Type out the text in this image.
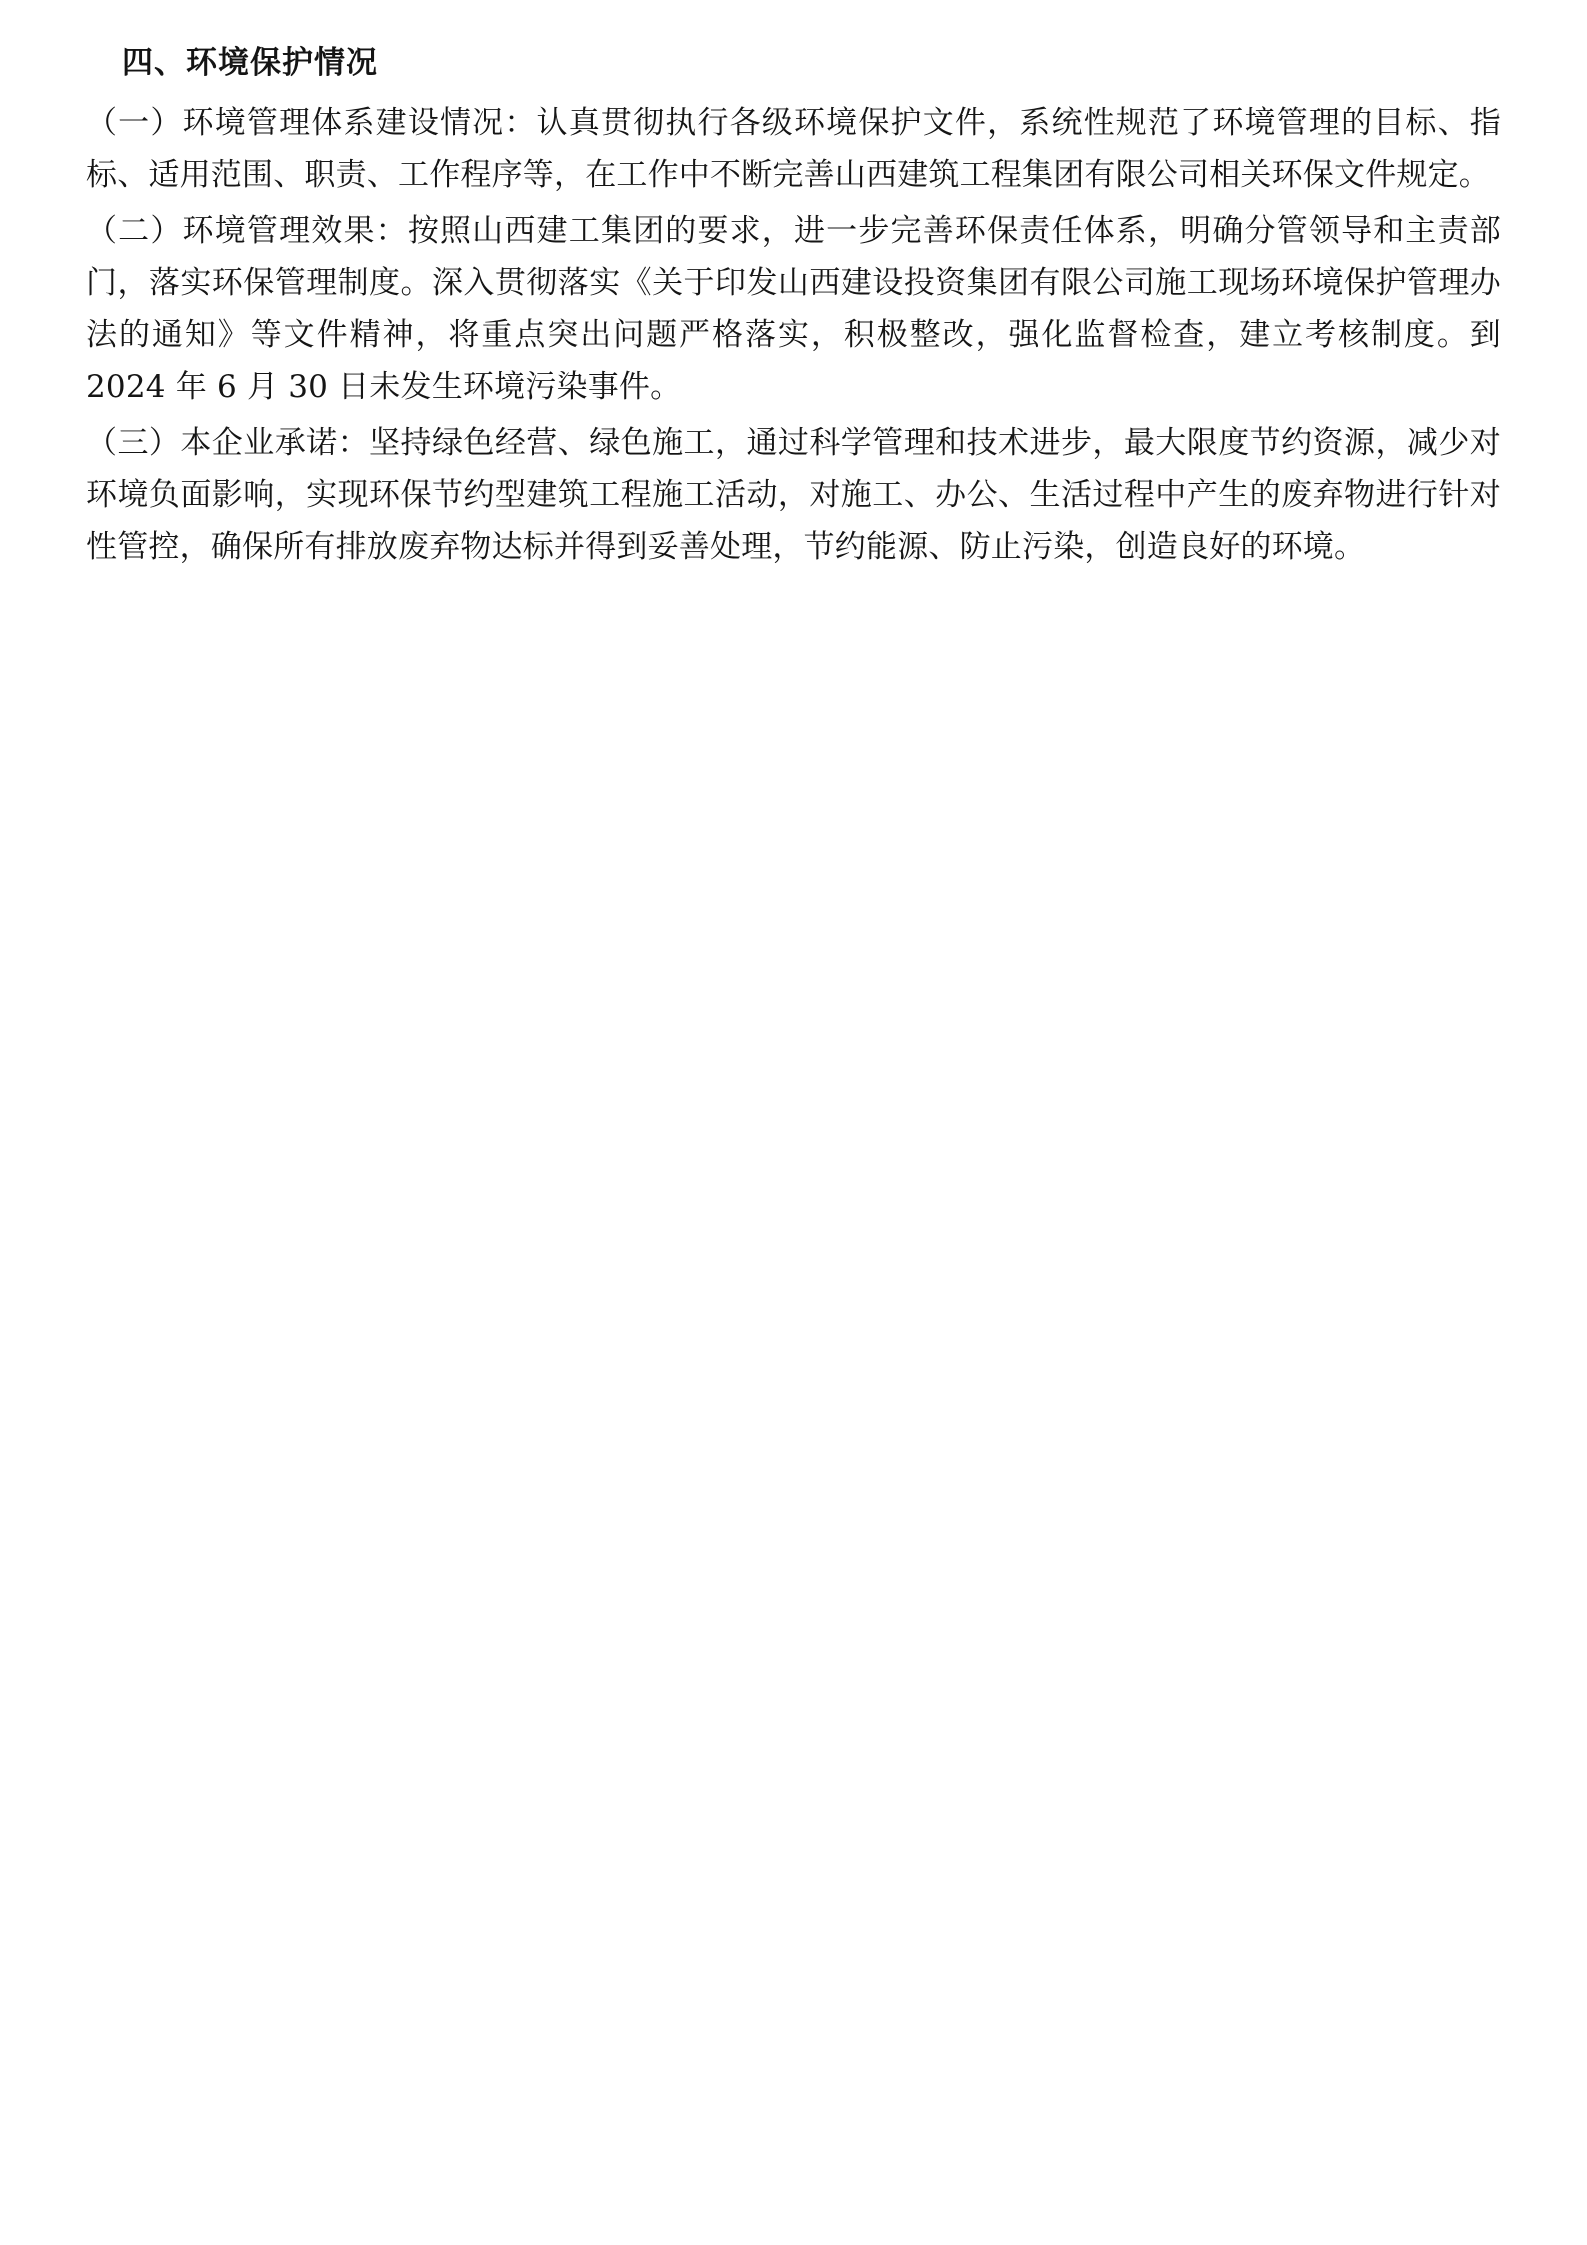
四、环境保护情况

（一）环境管理体系建设情况：认真贯彻执行各级环境保护文件，系统性规范了环境管理的目标、指标、适用范围、职责、工作程序等，在工作中不断完善山西建筑工程集团有限公司相关环保文件规定。

（二）环境管理效果：按照山西建工集团的要求，进一步完善环保责任体系，明确分管领导和主责部门，落实环保管理制度。深入贯彻落实《关于印发山西建设投资集团有限公司施工现场环境保护管理办法的通知》等文件精神，将重点突出问题严格落实，积极整改，强化监督检查，建立考核制度。到 2024 年 6 月 30 日未发生环境污染事件。

（三）本企业承诺：坚持绿色经营、绿色施工，通过科学管理和技术进步，最大限度节约资源，减少对环境负面影响，实现环保节约型建筑工程施工活动，对施工、办公、生活过程中产生的废弃物进行针对性管控，确保所有排放废弃物达标并得到妥善处理，节约能源、防止污染，创造良好的环境。
